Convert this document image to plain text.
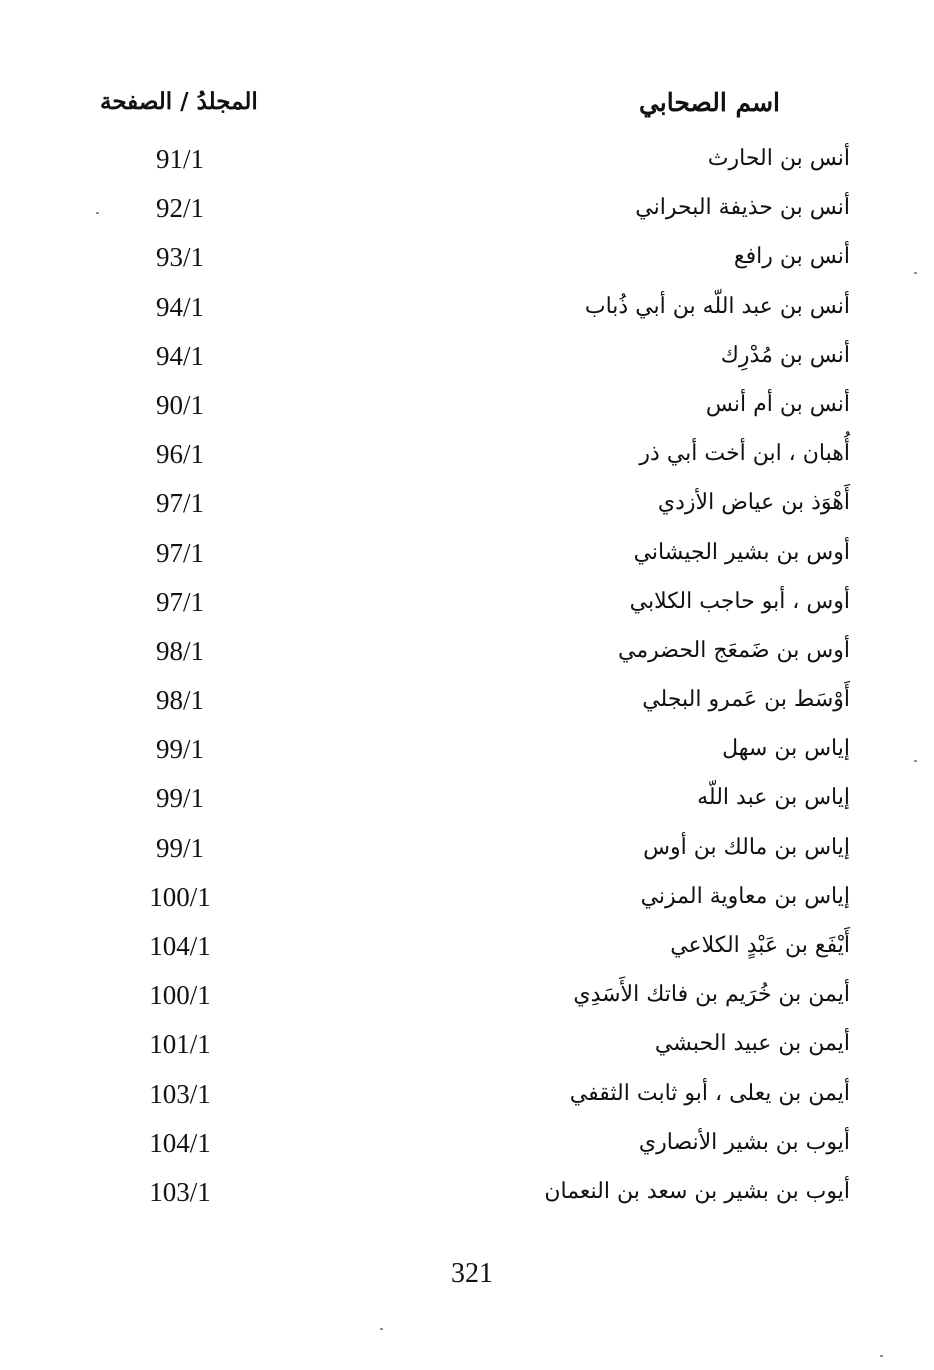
اسم الصحابي
المجلدُ / الصفحة
أنس بن الحارث
91/1
أنس بن حذيفة البحراني
92/1
أنس بن رافع
93/1
أنس بن عبد اللّه بن أبي ذُباب
94/1
أنس بن مُدْرِك
94/1
أنس بن أم أنس
90/1
أُهبان ، ابن أخت أبي ذر
96/1
أَهْوَذ بن عياض الأزدي
97/1
أوس بن بشير الجيشاني
97/1
أوس ، أبو حاجب الكلابي
97/1
أوس بن ضَمعَج الحضرمي
98/1
أَوْسَط بن عَمرو البجلي
98/1
إياس بن سهل
99/1
إياس بن عبد اللّه
99/1
إياس بن مالك بن أوس
99/1
إياس بن معاوية المزني
100/1
أَيْفَع بن عَبْدٍ الكلاعي
104/1
أيمن بن خُرَيم بن فاتك الأَسَدِي
100/1
أيمن بن عبيد الحبشي
101/1
أيمن بن يعلى ، أبو ثابت الثقفي
103/1
أيوب بن بشير الأنصاري
104/1
أيوب بن بشير بن سعد بن النعمان
103/1
321
